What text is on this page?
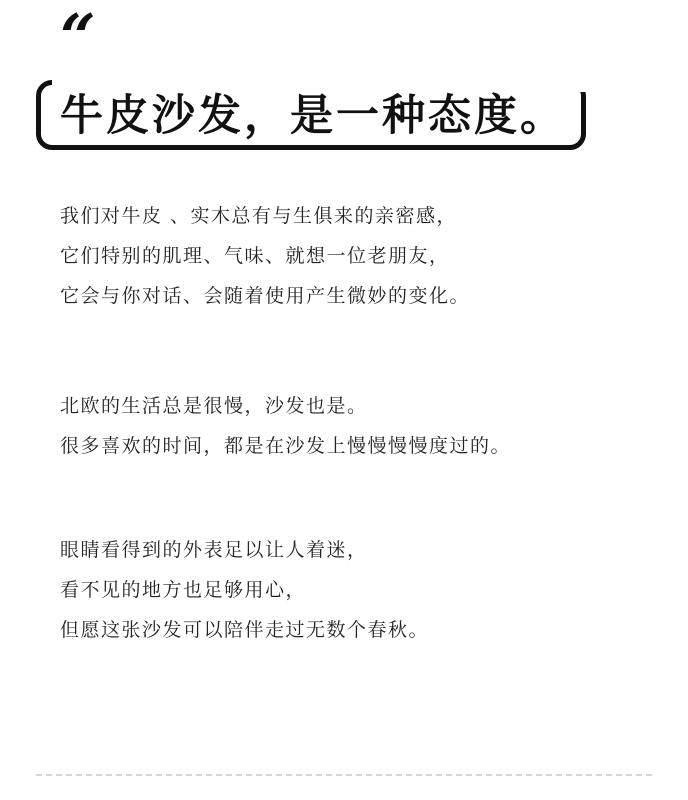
“
牛皮沙发，是一种态度。
我们对牛皮 、实木总有与生俱来的亲密感，
它们特别的肌理、气味、就想一位老朋友，
它会与你对话、会随着使用产生微妙的变化。
北欧的生活总是很慢，沙发也是。
很多喜欢的时间，都是在沙发上慢慢慢慢度过的。
眼睛看得到的外表足以让人着迷，
看不见的地方也足够用心，
但愿这张沙发可以陪伴走过无数个春秋。
